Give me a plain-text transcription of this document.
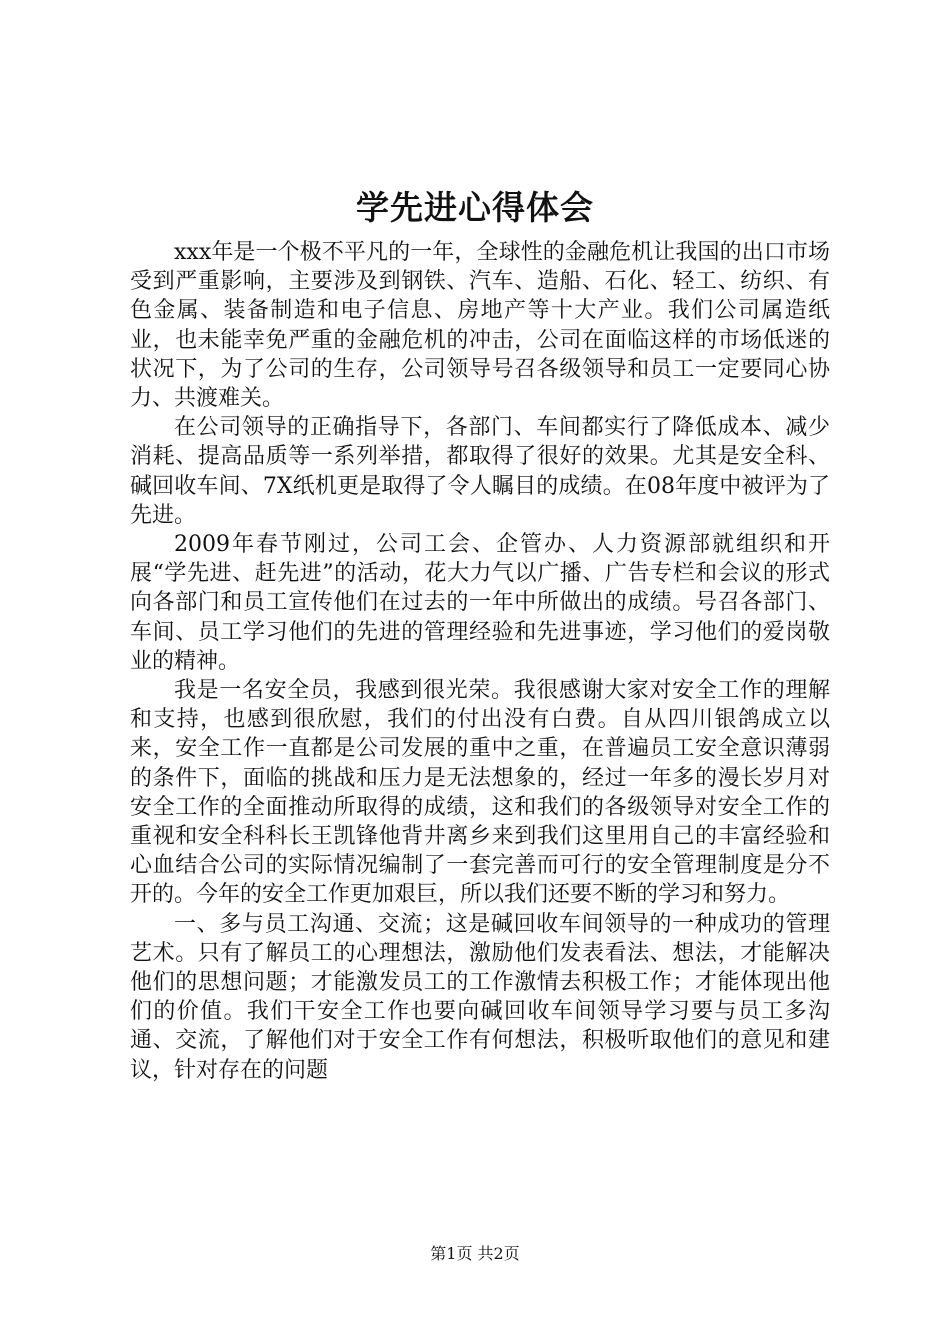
学先进心得体会

xxx年是一个极不平凡的一年，全球性的金融危机让我国的出口市场受到严重影响，主要涉及到钢铁、汽车、造船、石化、轻工、纺织、有色金属、装备制造和电子信息、房地产等十大产业。我们公司属造纸业，也未能幸免严重的金融危机的冲击，公司在面临这样的市场低迷的状况下，为了公司的生存，公司领导号召各级领导和员工一定要同心协力、共渡难关。

在公司领导的正确指导下，各部门、车间都实行了降低成本、减少消耗、提高品质等一系列举措，都取得了很好的效果。尤其是安全科、碱回收车间、7X纸机更是取得了令人瞩目的成绩。在08年度中被评为了先进。

2009年春节刚过，公司工会、企管办、人力资源部就组织和开展“学先进、赶先进”的活动，花大力气以广播、广告专栏和会议的形式向各部门和员工宣传他们在过去的一年中所做出的成绩。号召各部门、车间、员工学习他们的先进的管理经验和先进事迹，学习他们的爱岗敬业的精神。

我是一名安全员，我感到很光荣。我很感谢大家对安全工作的理解和支持，也感到很欣慰，我们的付出没有白费。自从四川银鸽成立以来，安全工作一直都是公司发展的重中之重，在普遍员工安全意识薄弱的条件下，面临的挑战和压力是无法想象的，经过一年多的漫长岁月对安全工作的全面推动所取得的成绩，这和我们的各级领导对安全工作的重视和安全科科长王凯锋他背井离乡来到我们这里用自己的丰富经验和心血结合公司的实际情况编制了一套完善而可行的安全管理制度是分不开的。今年的安全工作更加艰巨，所以我们还要不断的学习和努力。

一、多与员工沟通、交流；这是碱回收车间领导的一种成功的管理艺术。只有了解员工的心理想法，激励他们发表看法、想法，才能解决他们的思想问题；才能激发员工的工作激情去积极工作；才能体现出他们的价值。我们干安全工作也要向碱回收车间领导学习要与员工多沟通、交流，了解他们对于安全工作有何想法，积极听取他们的意见和建议，针对存在的问题

第1页 共2页
